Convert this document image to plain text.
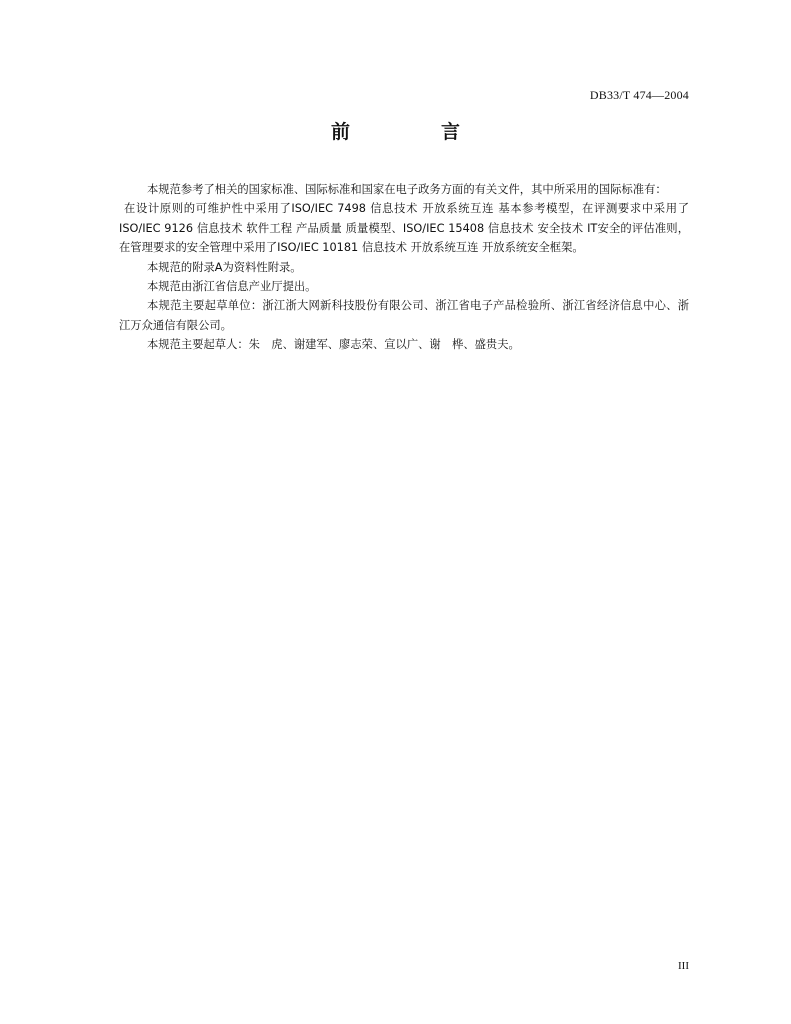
DB33/T 474—2004
前　言

本规范参考了相关的国家标准、国际标准和国家在电子政务方面的有关文件，其中所采用的国际标准有：

在设计原则的可维护性中采用了ISO/IEC 7498 信息技术 开放系统互连 基本参考模型，在评测要求中采用了ISO/IEC 9126 信息技术 软件工程 产品质量 质量模型、ISO/IEC 15408 信息技术 安全技术 IT安全的评估准则，在管理要求的安全管理中采用了ISO/IEC 10181 信息技术 开放系统互连 开放系统安全框架。

本规范的附录A为资料性附录。

本规范由浙江省信息产业厅提出。

本规范主要起草单位：浙江浙大网新科技股份有限公司、浙江省电子产品检验所、浙江省经济信息中心、浙江万众通信有限公司。

本规范主要起草人：朱　虎、谢建军、廖志荣、宣以广、谢　桦、盛贵夫。

III
